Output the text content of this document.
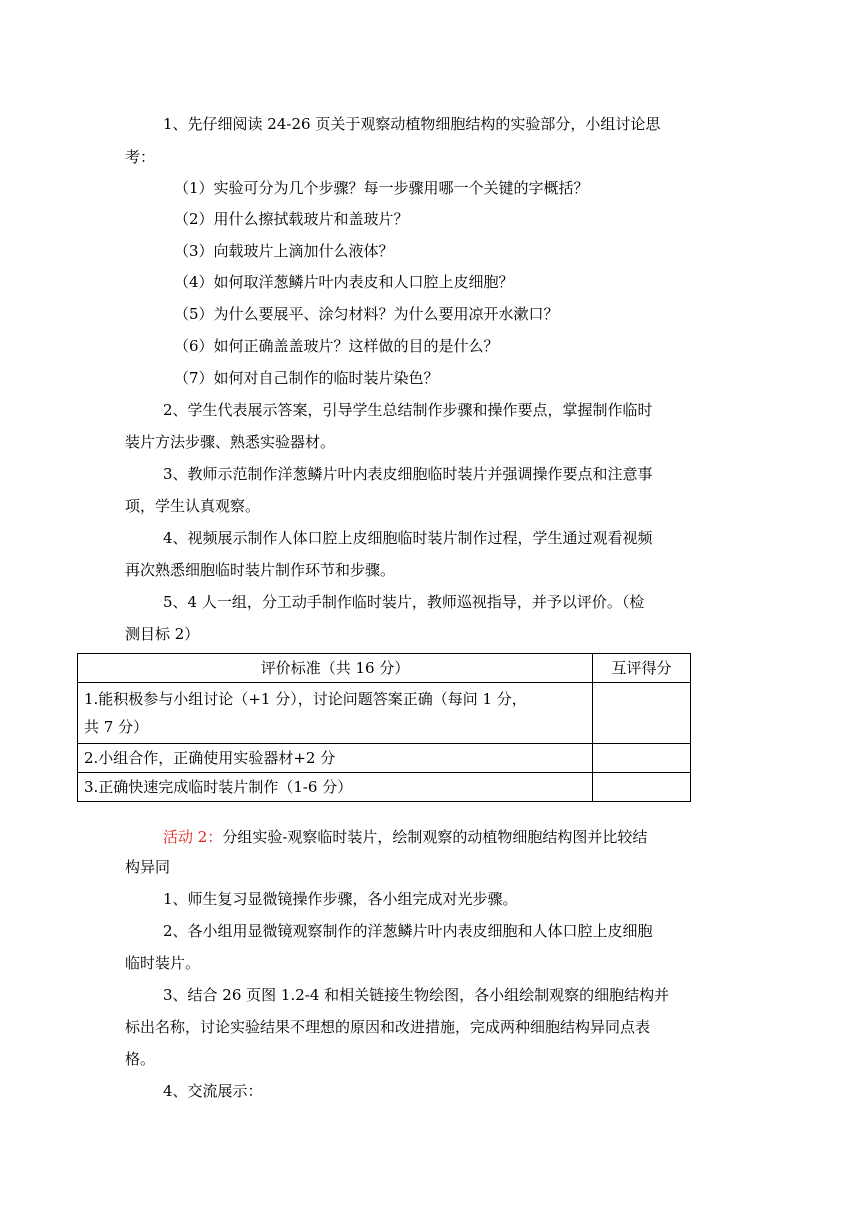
1、先仔细阅读 24-26 页关于观察动植物细胞结构的实验部分，小组讨论思

考：

（1）实验可分为几个步骤？每一步骤用哪一个关键的字概括？

（2）用什么擦拭载玻片和盖玻片？

（3）向载玻片上滴加什么液体？

（4）如何取洋葱鳞片叶内表皮和人口腔上皮细胞？

（5）为什么要展平、涂匀材料？为什么要用凉开水漱口？

（6）如何正确盖盖玻片？这样做的目的是什么？

（7）如何对自己制作的临时装片染色？

2、学生代表展示答案，引导学生总结制作步骤和操作要点，掌握制作临时

装片方法步骤、熟悉实验器材。

3、教师示范制作洋葱鳞片叶内表皮细胞临时装片并强调操作要点和注意事

项，学生认真观察。

4、视频展示制作人体口腔上皮细胞临时装片制作过程，学生通过观看视频

再次熟悉细胞临时装片制作环节和步骤。

5、4 人一组，分工动手制作临时装片，教师巡视指导，并予以评价。（检

测目标 2）

评价标准（共 16 分）	互评得分

1.能积极参与小组讨论（+1 分），讨论问题答案正确（每问 1 分，
共 7 分）	

2.小组合作，正确使用实验器材+2 分	
3.正确快速完成临时装片制作（1-6 分）	

活动 2：分组实验-观察临时装片，绘制观察的动植物细胞结构图并比较结

构异同

1、师生复习显微镜操作步骤，各小组完成对光步骤。

2、各小组用显微镜观察制作的洋葱鳞片叶内表皮细胞和人体口腔上皮细胞

临时装片。

3、结合 26 页图 1.2-4 和相关链接生物绘图，各小组绘制观察的细胞结构并

标出名称，讨论实验结果不理想的原因和改进措施，完成两种细胞结构异同点表

格。

4、交流展示：
